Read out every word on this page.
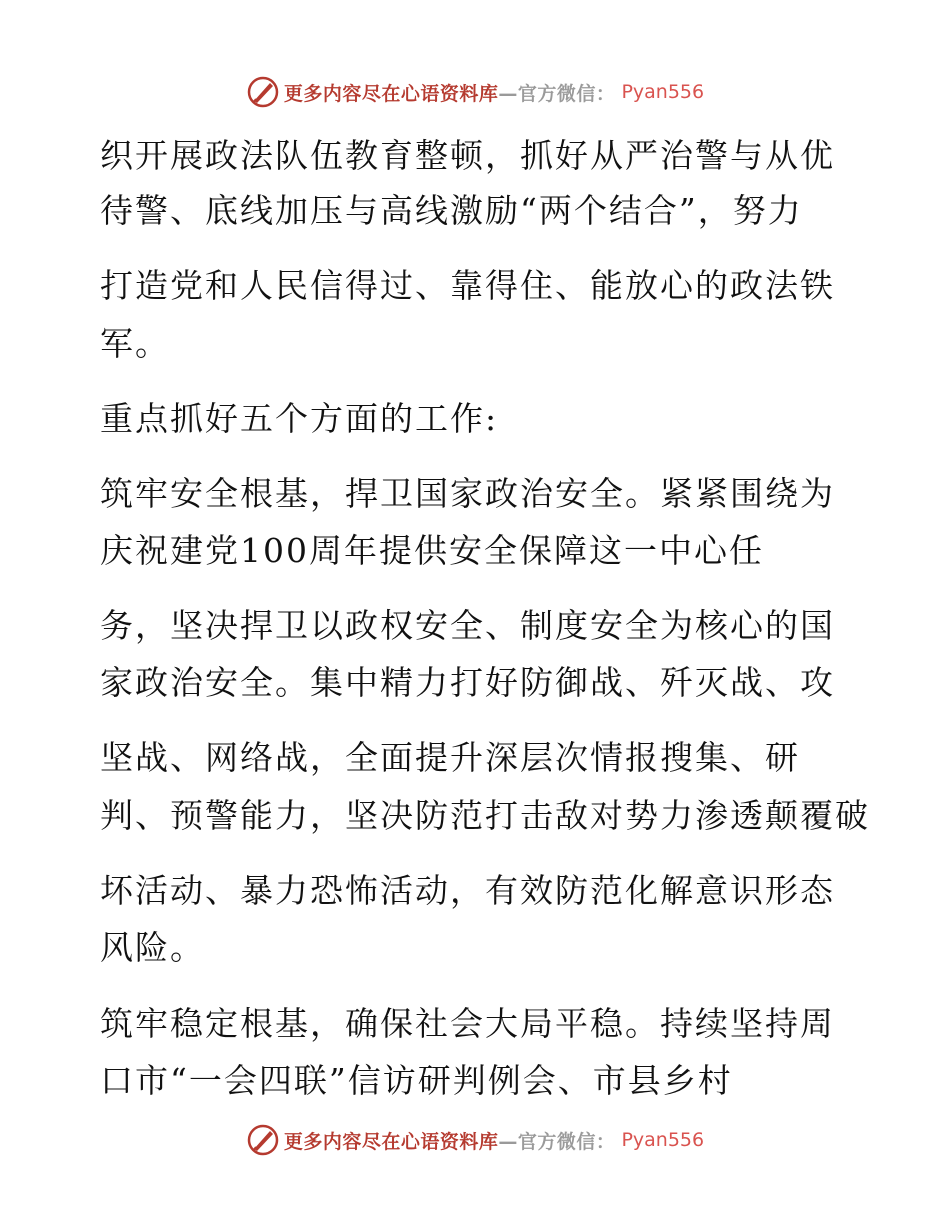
更多内容尽在心语资料库 —官方微信： Pyan556
织开展政法队伍教育整顿，抓好从严治警与从优
待警、底线加压与高线激励“两个结合”，努力
打造党和人民信得过、靠得住、能放心的政法铁
军。
重点抓好五个方面的工作:
筑牢安全根基，捍卫国家政治安全。紧紧围绕为
庆祝建党100周年提供安全保障这一中心任
务，坚决捍卫以政权安全、制度安全为核心的国
家政治安全。集中精力打好防御战、歼灭战、攻
坚战、网络战，全面提升深层次情报搜集、研
判、预警能力，坚决防范打击敌对势力渗透颠覆破
坏活动、暴力恐怖活动，有效防范化解意识形态
风险。
筑牢稳定根基，确保社会大局平稳。持续坚持周
口市“一会四联”信访研判例会、市县乡村
更多内容尽在心语资料库 —官方微信： Pyan556
